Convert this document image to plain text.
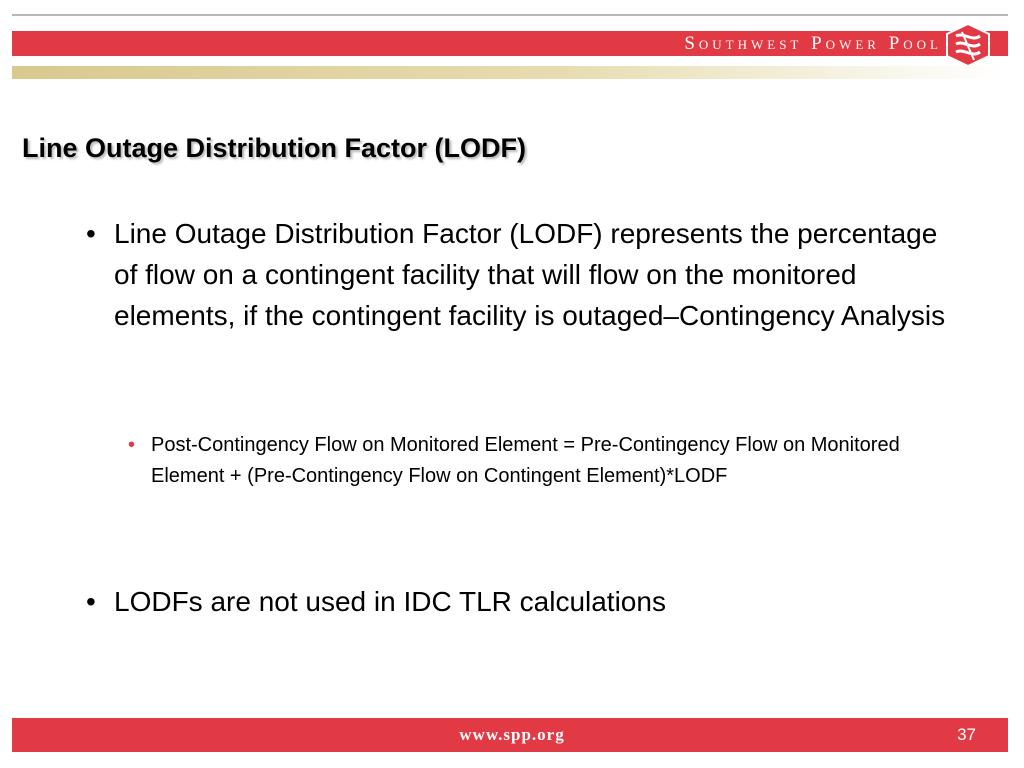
Southwest Power Pool
Line Outage Distribution Factor (LODF)
• Line Outage Distribution Factor (LODF) represents the percentage of flow on a contingent facility that will flow on the monitored elements, if the contingent facility is outaged–Contingency Analysis
• Post-Contingency Flow on Monitored Element = Pre-Contingency Flow on Monitored Element + (Pre-Contingency Flow on Contingent Element)*LODF
• LODFs are not used in IDC TLR calculations
www.spp.org	37
